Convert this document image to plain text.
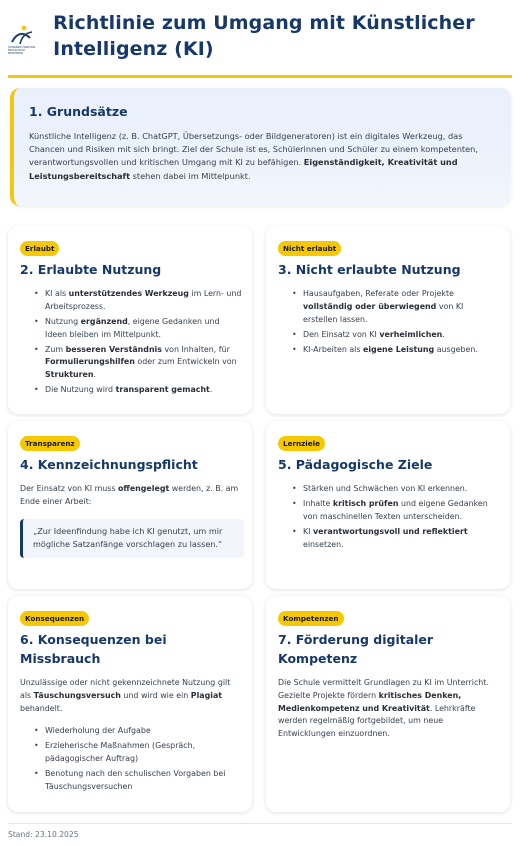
JOHANNES-HARTUNG
REALSCHULE
MELTINGEN
Richtlinie zum Umgang mit Künstlicher Intelligenz (KI)
1. Grundsätze

Künstliche Intelligenz (z. B. ChatGPT, Übersetzungs- oder Bildgeneratoren) ist ein digitales Werkzeug, das Chancen und Risiken mit sich bringt. Ziel der Schule ist es, Schülerinnen und Schüler zu einem kompetenten, verantwortungsvollen und kritischen Umgang mit KI zu befähigen. Eigenständigkeit, Kreativität und Leistungsbereitschaft stehen dabei im Mittelpunkt.

Erlaubt
2. Erlaubte Nutzung
• KI als unterstützendes Werkzeug im Lern- und Arbeitsprozess.
• Nutzung ergänzend, eigene Gedanken und Ideen bleiben im Mittelpunkt.
• Zum besseren Verständnis von Inhalten, für Formulierungshilfen oder zum Entwickeln von Strukturen.
• Die Nutzung wird transparent gemacht.
Nicht erlaubt
3. Nicht erlaubte Nutzung
• Hausaufgaben, Referate oder Projekte vollständig oder überwiegend von KI erstellen lassen.
• Den Einsatz von KI verheimlichen.
• KI-Arbeiten als eigene Leistung ausgeben.
Transparenz
4. Kennzeichnungspflicht

Der Einsatz von KI muss offengelegt werden, z. B. am Ende einer Arbeit:

„Zur Ideenfindung habe ich KI genutzt, um mir mögliche Satzanfänge vorschlagen zu lassen.“
Lernziele
5. Pädagogische Ziele
• Stärken und Schwächen von KI erkennen.
• Inhalte kritisch prüfen und eigene Gedanken von maschinellen Texten unterscheiden.
• KI verantwortungsvoll und reflektiert einsetzen.
Konsequenzen
6. Konsequenzen bei Missbrauch

Unzulässige oder nicht gekennzeichnete Nutzung gilt als Täuschungsversuch und wird wie ein Plagiat behandelt.

• Wiederholung der Aufgabe
• Erzieherische Maßnahmen (Gespräch, pädagogischer Auftrag)
• Benotung nach den schulischen Vorgaben bei Täuschungsversuchen
Kompetenzen
7. Förderung digitaler Kompetenz

Die Schule vermittelt Grundlagen zu KI im Unterricht. Gezielte Projekte fördern kritisches Denken, Medienkompetenz und Kreativität. Lehrkräfte werden regelmäßig fortgebildet, um neue Entwicklungen einzuordnen.

Stand: 23.10.2025
